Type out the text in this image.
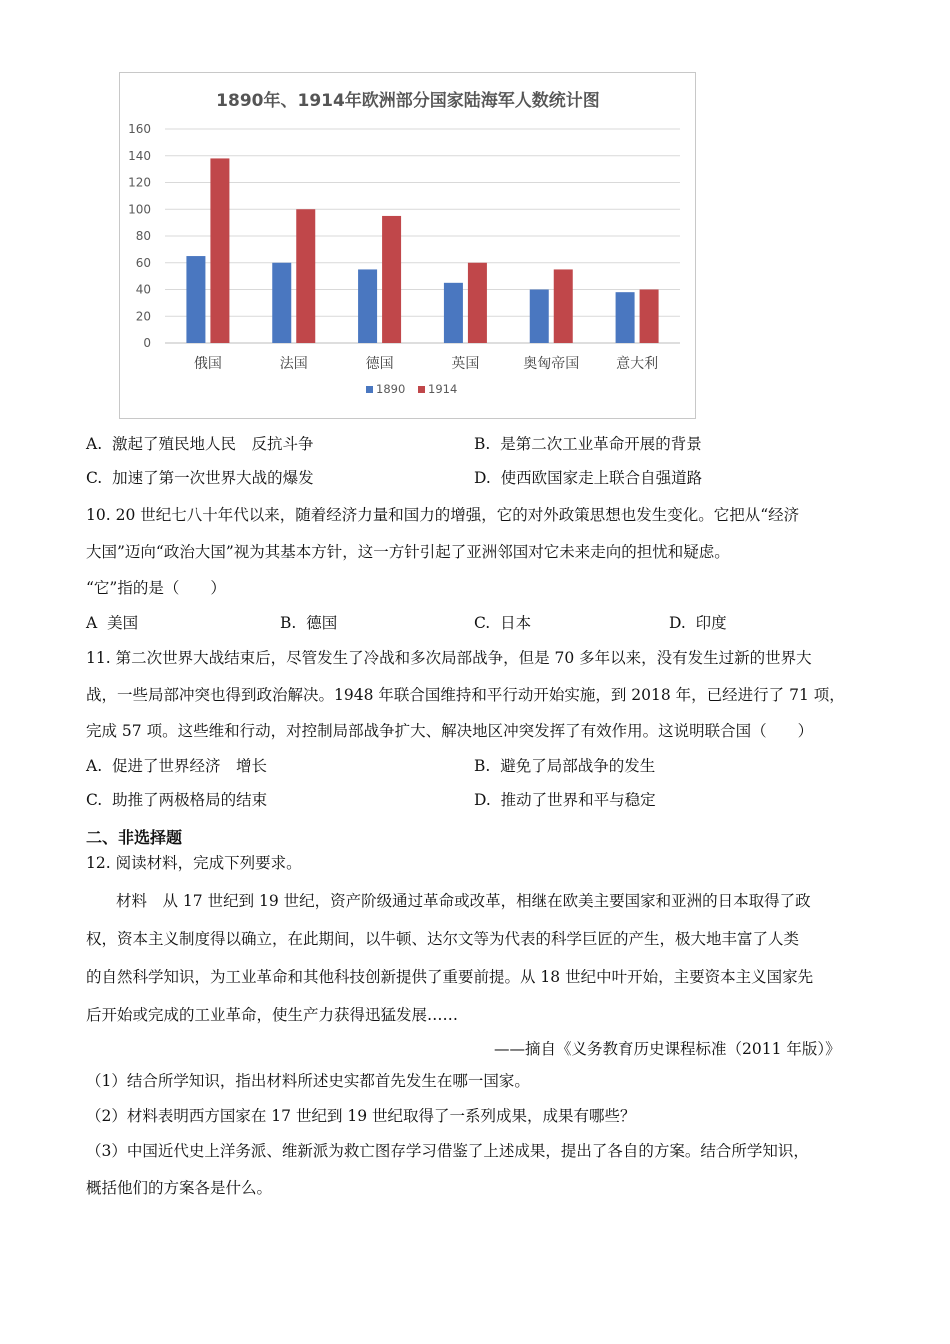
1890年、1914年欧洲部分国家陆海军人数统计图
0
20
40
60
80
100
120
140
160
俄国	法国	德国	英国	奥匈帝国	意大利
1890 1914
A. 激起了殖民地人民　反抗斗争	B. 是第二次工业革命开展的背景
C. 加速了第一次世界大战的爆发	D. 使西欧国家走上联合自强道路
10. 20 世纪七八十年代以来，随着经济力量和国力的增强，它的对外政策思想也发生变化。它把从“经济
大国”迈向“政治大国”视为其基本方针，这一方针引起了亚洲邻国对它未来走向的担忧和疑虑。
“它”指的是（　　）
A 美国	B. 德国	C. 日本	D. 印度
11. 第二次世界大战结束后，尽管发生了冷战和多次局部战争，但是 70 多年以来，没有发生过新的世界大
战，一些局部冲突也得到政治解决。1948 年联合国维持和平行动开始实施，到 2018 年，已经进行了 71 项，
完成 57 项。这些维和行动，对控制局部战争扩大、解决地区冲突发挥了有效作用。这说明联合国（　　）
A. 促进了世界经济　增长	B. 避免了局部战争的发生
C. 助推了两极格局的结束	D. 推动了世界和平与稳定
二、非选择题
12. 阅读材料，完成下列要求。
材料　从 17 世纪到 19 世纪，资产阶级通过革命或改革，相继在欧美主要国家和亚洲的日本取得了政
权，资本主义制度得以确立，在此期间，以牛顿、达尔文等为代表的科学巨匠的产生，极大地丰富了人类
的自然科学知识，为工业革命和其他科技创新提供了重要前提。从 18 世纪中叶开始，主要资本主义国家先
后开始或完成的工业革命，使生产力获得迅猛发展……
——摘自《义务教育历史课程标准（2011 年版）》
（1）结合所学知识，指出材料所述史实都首先发生在哪一国家。
（2）材料表明西方国家在 17 世纪到 19 世纪取得了一系列成果，成果有哪些？
（3）中国近代史上洋务派、维新派为救亡图存学习借鉴了上述成果，提出了各自的方案。结合所学知识，
概括他们的方案各是什么。
